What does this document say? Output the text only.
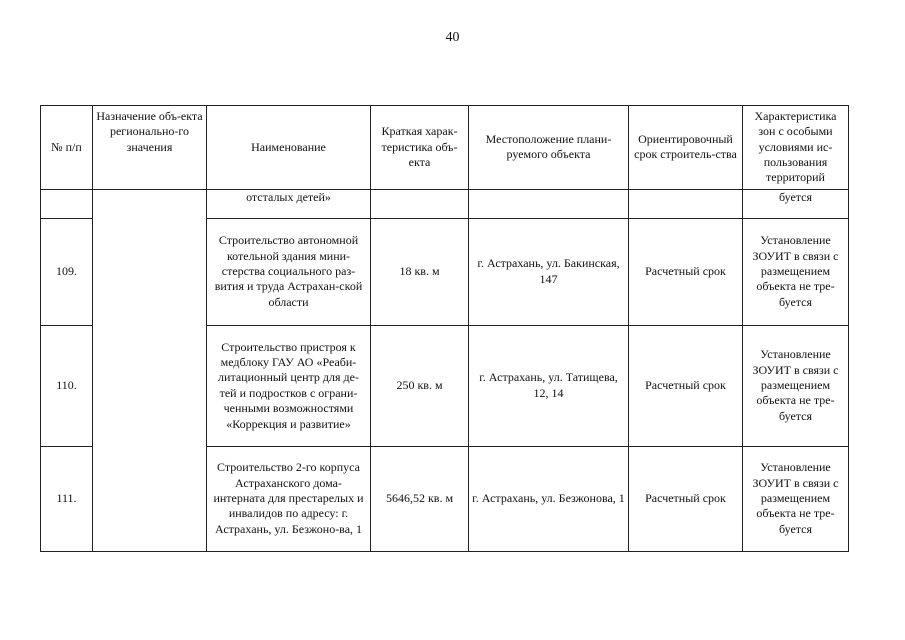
40
№ п/п	Назначение объ-екта регионально-го значения	Наименование	Краткая харак-теристика объ-екта	Местоположение плани-руемого объекта	Ориентировочный срок строитель-ства	Характеристика зон с особыми условиями ис-пользования территорий
		отсталых детей»				буется
109.		Строительство автономной котельной здания мини-стерства социального раз-вития и труда Астрахан-ской области	18 кв. м	г. Астрахань, ул. Бакинская, 147	Расчетный срок	Установление ЗОУИТ в связи с размещением объекта не тре-буется
110.		Строительство пристроя к медблоку ГАУ АО «Реаби-литационный центр для де-тей и подростков с ограни-ченными возможностями «Коррекция и развитие»	250 кв. м	г. Астрахань, ул. Татищева, 12, 14	Расчетный срок	Установление ЗОУИТ в связи с размещением объекта не тре-буется
111.		Строительство 2-го корпуса Астраханского дома-интерната для престарелых и инвалидов по адресу: г. Астрахань, ул. Безжоно-ва, 1	5646,52 кв. м	г. Астрахань, ул. Безжонова, 1	Расчетный срок	Установление ЗОУИТ в связи с размещением объекта не тре-буется
